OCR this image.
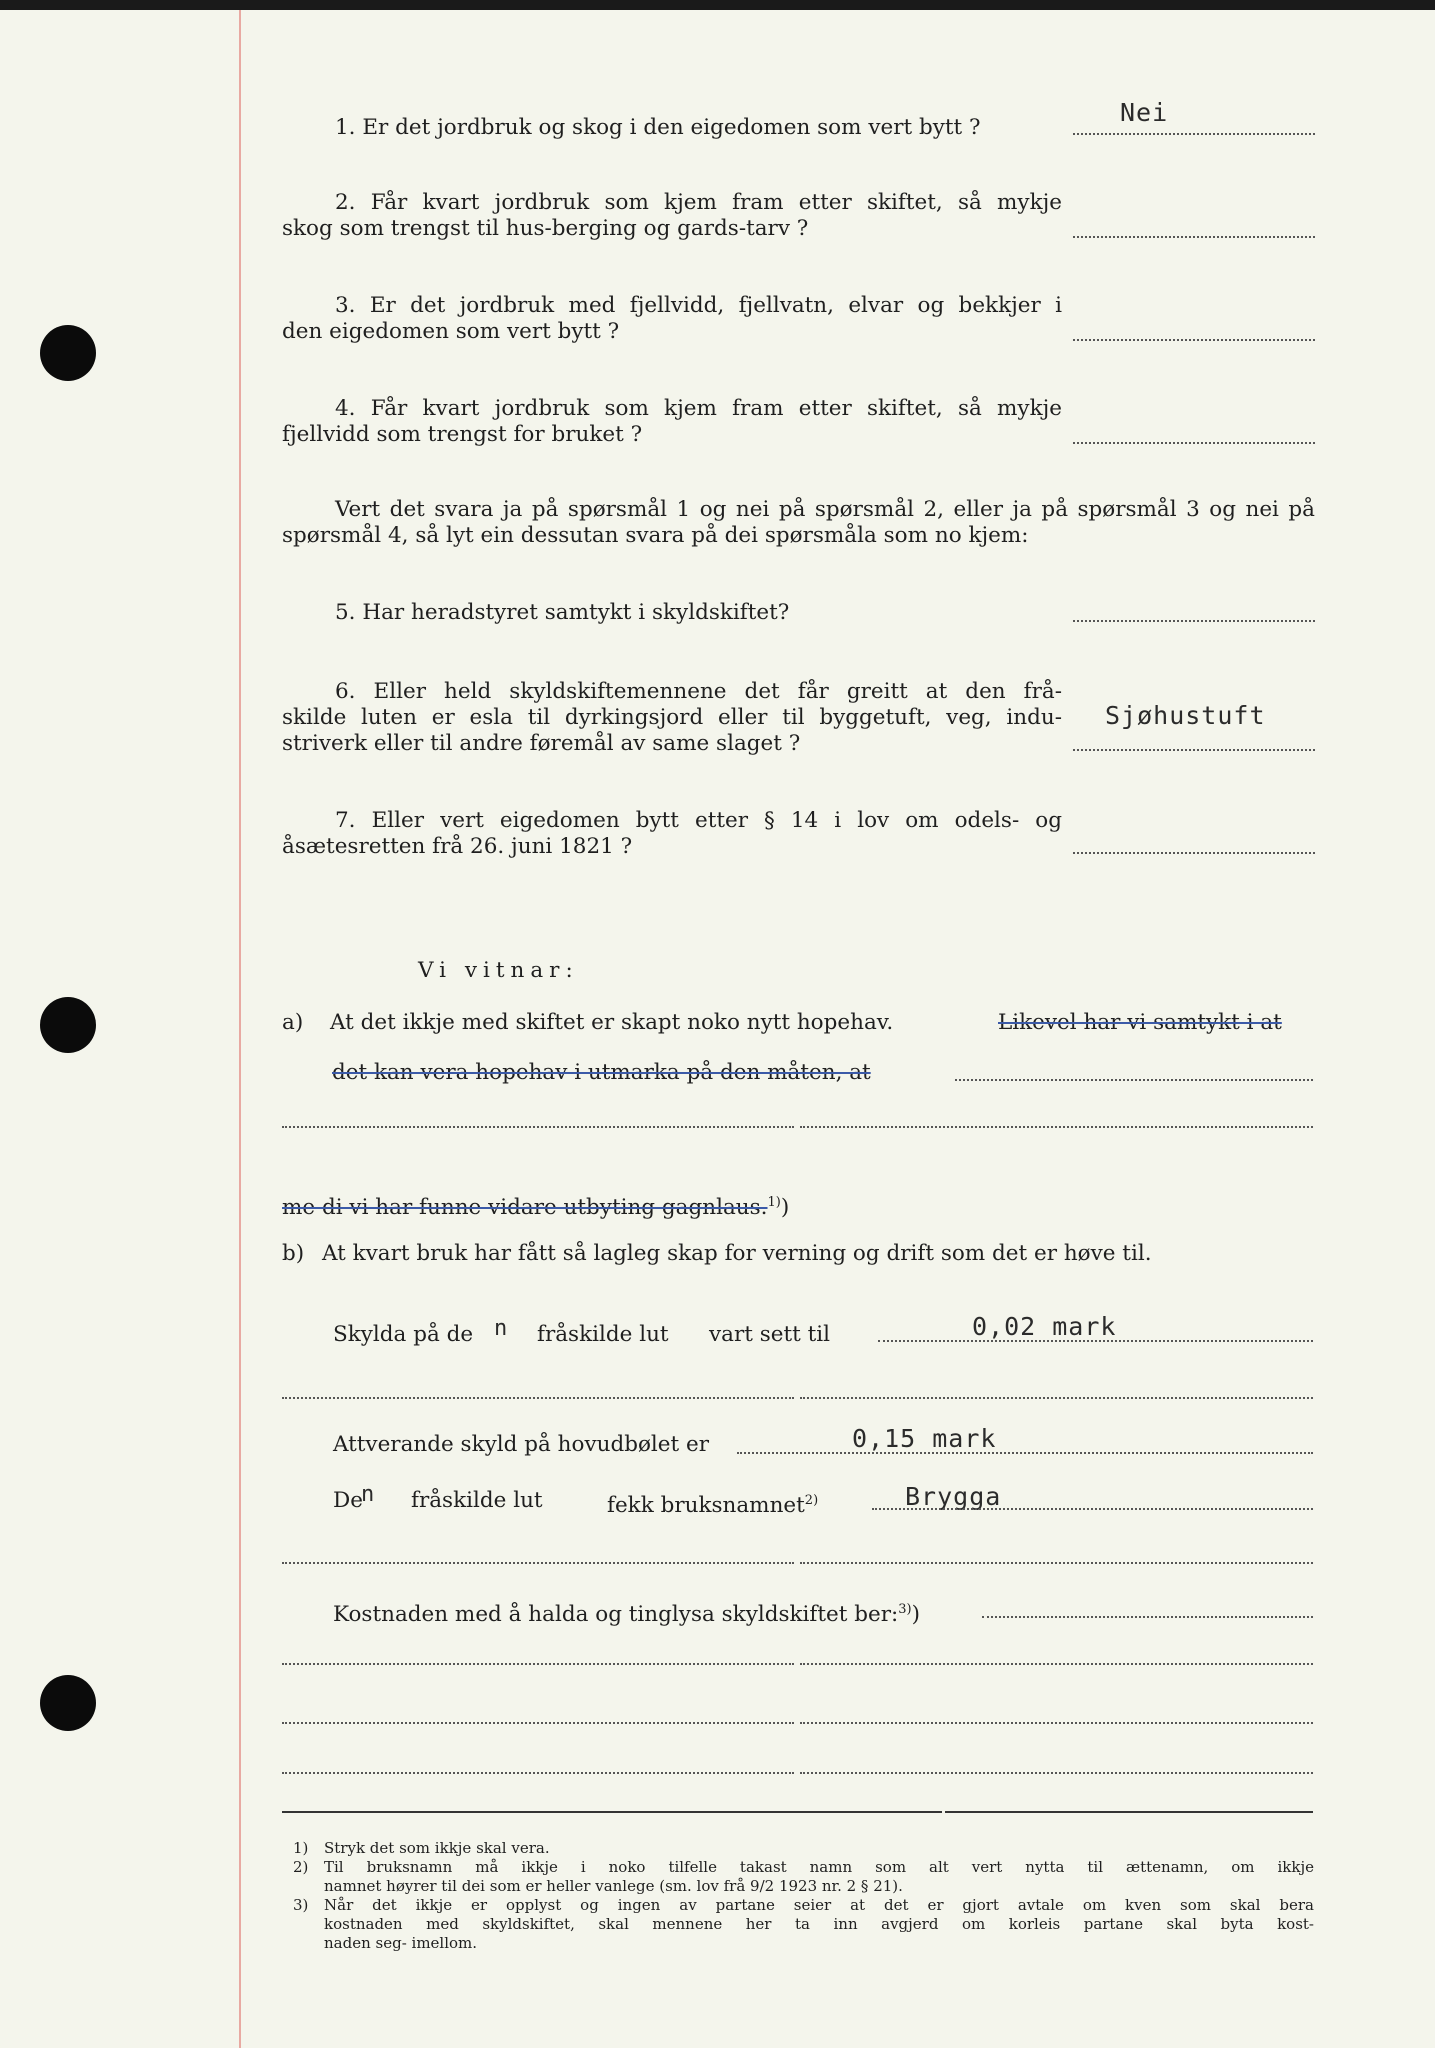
1. Er det jordbruk og skog i den eigedomen som vert bytt ?
Nei
2. Får kvart jordbruk som kjem fram etter skiftet, så mykje
skog som trengst til hus-berging og gards-tarv ?
3. Er det jordbruk med fjellvidd, fjellvatn, elvar og bekkjer i
den eigedomen som vert bytt ?
4. Får kvart jordbruk som kjem fram etter skiftet, så mykje
fjellvidd som trengst for bruket ?
Vert det svara ja på spørsmål 1 og nei på spørsmål 2, eller ja på spørsmål 3 og nei på
spørsmål 4, så lyt ein dessutan svara på dei spørsmåla som no kjem:
5. Har heradstyret samtykt i skyldskiftet?
6. Eller held skyldskiftemennene det får greitt at den frå-
skilde luten er esla til dyrkingsjord eller til byggetuft, veg, indu-
striverk eller til andre føremål av same slaget ?
Sjøhustuft
7. Eller vert eigedomen bytt etter § 14 i lov om odels- og
åsætesretten frå 26. juni 1821 ?
Vi vitnar:
a) At det ikkje med skiftet er skapt noko nytt hopehav.	Likevel har vi samtykt i at
det kan vera hopehav i utmarka på den måten, at
me di vi har funne vidare utbyting gagnlaus.$^{1)}$)
b) At kvart bruk har fått så lagleg skap for verning og drift som det er høve til.
Skylda på de n fråskilde lut vart sett til	0,02 mark
Attverande skyld på hovudbølet er	0,15 mark
De
n fråskilde lut	fekk bruksnamnet$^{2)}$	Brygga
Kostnaden med å halda og tinglysa skyldskiftet ber:$^{3)}$)
1) Stryk det som ikkje skal vera.
2) Til bruksnamn må ikkje i noko tilfelle takast namn som alt vert nytta til ættenamn, om ikkje
namnet høyrer til dei som er heller vanlege (sm. lov frå 9/2 1923 nr. 2 § 21).
3) Når det ikkje er opplyst og ingen av partane seier at det er gjort avtale om kven som skal bera
kostnaden med skyldskiftet, skal mennene her ta inn avgjerd om korleis partane skal byta kost-
naden seg- imellom.
